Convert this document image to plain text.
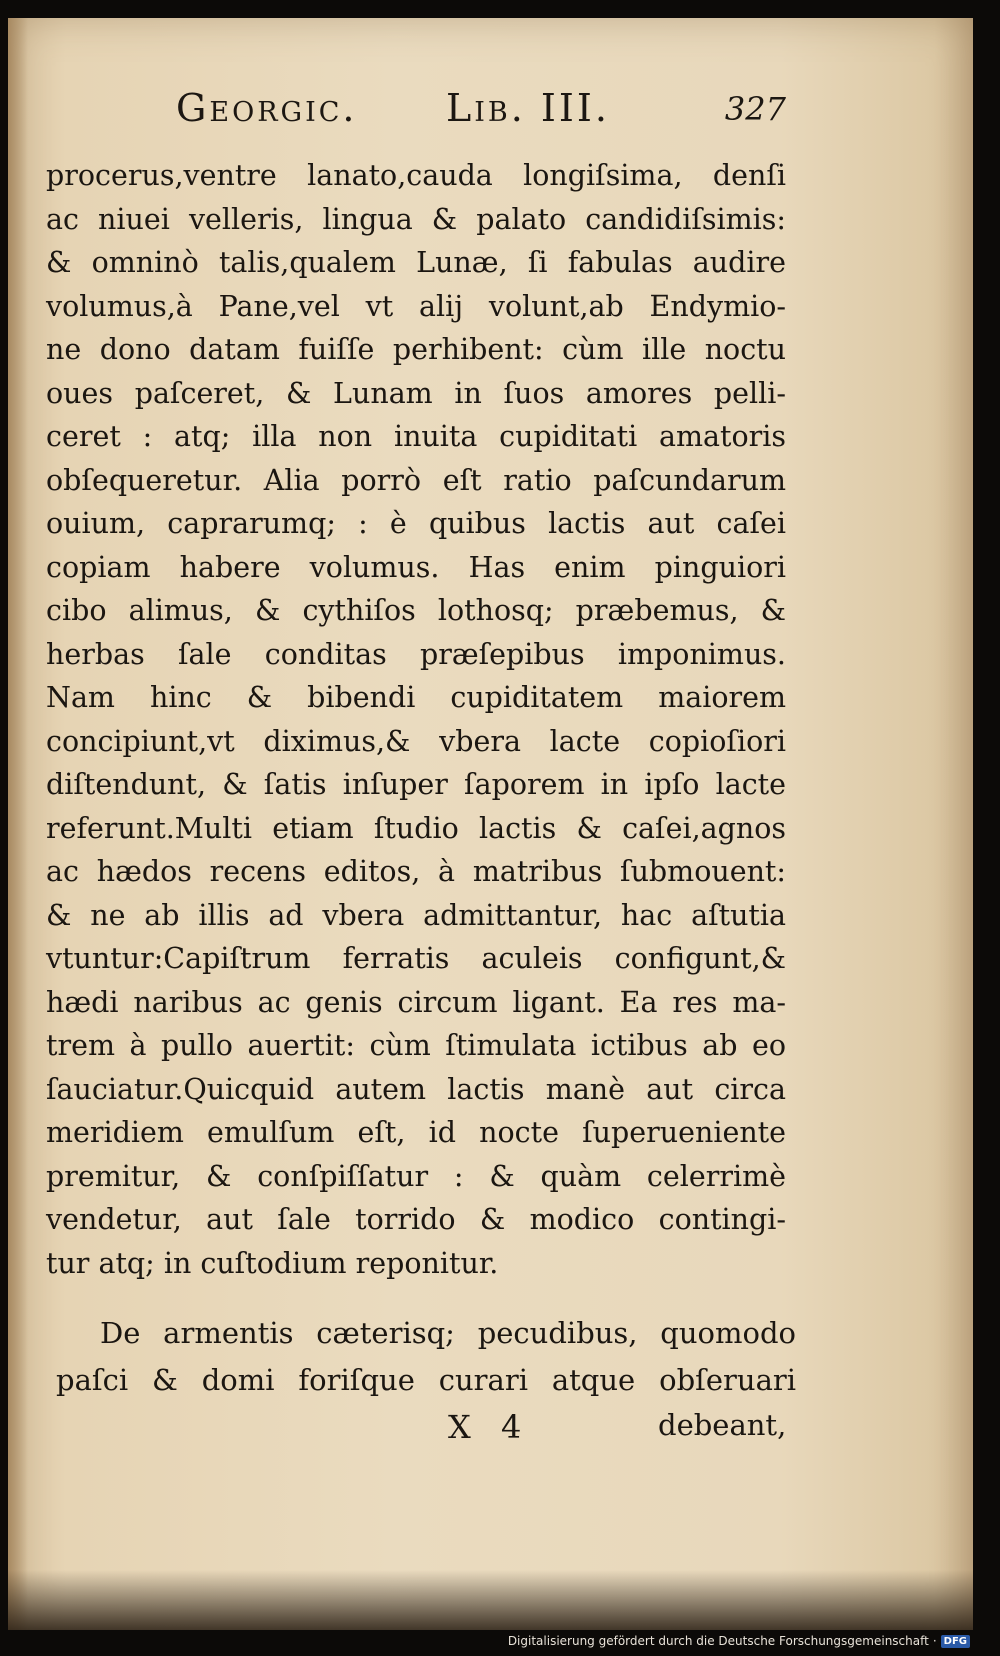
Georgic. Lib. III.	327
procerus,ventre lanato,cauda longiſsima, denſi
ac niuei velleris, lingua & palato candidiſsimis:
& omninò talis,qualem Lunæ, ſi fabulas audire
volumus,à Pane,vel vt alij volunt,ab Endymio-
ne dono datam fuiſſe perhibent: cùm ille noctu
oues paſceret, & Lunam in ſuos amores pelli-
ceret : atq; illa non inuita cupiditati amatoris
obſequeretur. Alia porrò eſt ratio paſcundarum
ouium, caprarumq; : è quibus lactis aut caſei
copiam habere volumus. Has enim pinguiori
cibo alimus, & cythiſos lothosq; præbemus, &
herbas ſale conditas præſepibus imponimus.
Nam hinc & bibendi cupiditatem maiorem
concipiunt,vt diximus,& vbera lacte copioſiori
diſtendunt, & ſatis inſuper ſaporem in ipſo lacte
referunt.Multi etiam ſtudio lactis & caſei,agnos
ac hædos recens editos, à matribus ſubmouent:
& ne ab illis ad vbera admittantur, hac aſtutia
vtuntur:Capiſtrum ferratis aculeis configunt,&
hædi naribus ac genis circum ligant. Ea res ma-
trem à pullo auertit: cùm ſtimulata ictibus ab eo
ſauciatur.Quicquid autem lactis manè aut circa
meridiem emulſum eſt, id nocte ſuperueniente
premitur, & conſpiſſatur : & quàm celerrimè
vendetur, aut ſale torrido & modico contingi-
tur atq; in cuſtodium reponitur.
De armentis cæterisq; pecudibus, quomodo
paſci & domi foriſque curari atque obſeruari
X 4	debeant,
Digitalisierung gefördert durch die Deutsche Forschungsgemeinschaft · DFG
